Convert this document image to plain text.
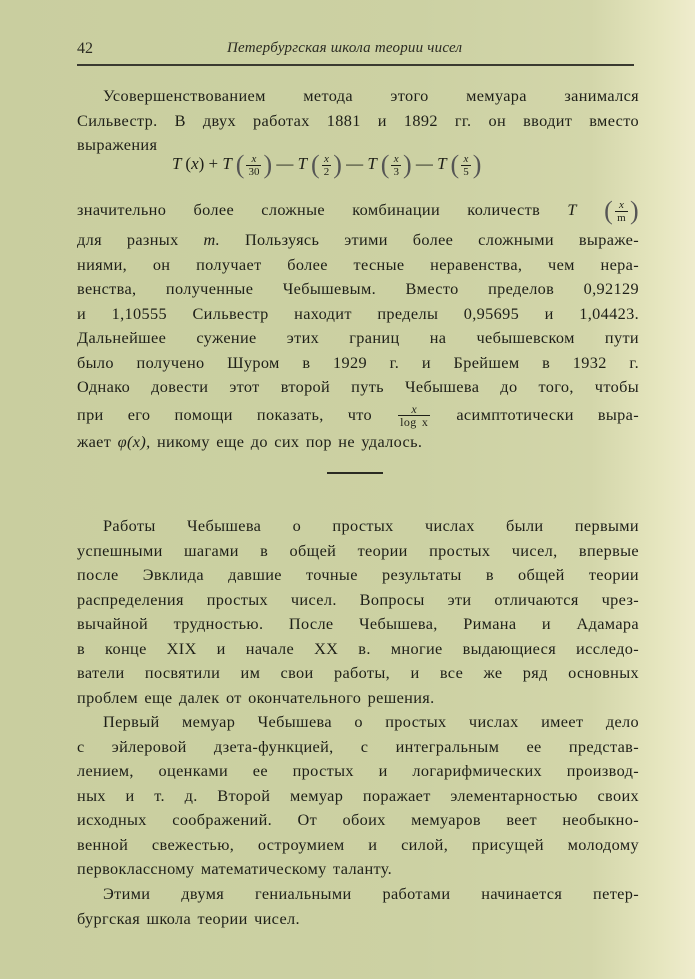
42	Петербургская школа теории чисел
Усовершенствованием метода этого мемуара занимался
Сильвестр. В двух работах 1881 и 1892 гг. он вводит вместо
выражения
T (x) + T ( $\frac{x}{30}$ ) — T ( $\frac{x}{2}$ ) — T ( $\frac{x}{3}$ ) — T ( $\frac{x}{5}$ )
значительно более сложные комбинации количеств T ( $\frac{x}{m}$ )
для разных m. Пользуясь этими более сложными выраже-
ниями, он получает более тесные неравенства, чем нера-
венства, полученные Чебышевым. Вместо пределов 0,92129
и 1,10555 Сильвестр находит пределы 0,95695 и 1,04423.
Дальнейшее сужение этих границ на чебышевском пути
было получено Шуром в 1929 г. и Брейшем в 1932 г.
Однако довести этот второй путь Чебышева до того, чтобы
при его помощи показать, что $\frac{x}{\text{log x}}$ асимптотически выра-
жает φ(x), никому еще до сих пор не удалось.
Работы Чебышева о простых числах были первыми
успешными шагами в общей теории простых чисел, впервые
после Эвклида давшие точные результаты в общей теории
распределения простых чисел. Вопросы эти отличаются чрез-
вычайной трудностью. После Чебышева, Римана и Адамара
в конце XIX и начале XX в. многие выдающиеся исследо-
ватели посвятили им свои работы, и все же ряд основных
проблем еще далек от окончательного решения.
Первый мемуар Чебышева о простых числах имеет дело
с эйлеровой дзета-функцией, с интегральным ее представ-
лением, оценками ее простых и логарифмических производ-
ных и т. д. Второй мемуар поражает элементарностью своих
исходных соображений. От обоих мемуаров веет необыкно-
венной свежестью, остроумием и силой, присущей молодому
первоклассному математическому таланту.
Этими двумя гениальными работами начинается петер-
бургская школа теории чисел.
